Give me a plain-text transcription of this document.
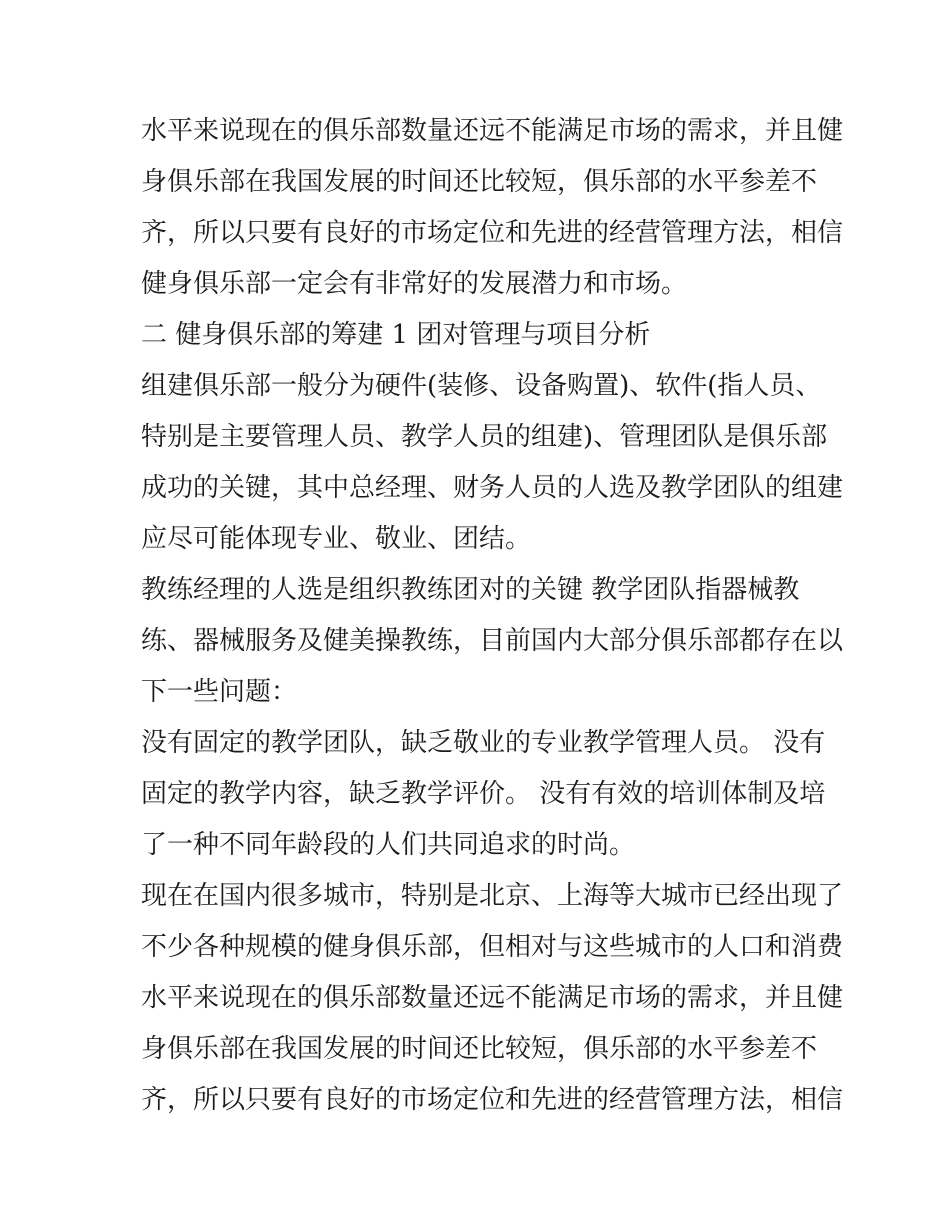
水平来说现在的俱乐部数量还远不能满足市场的需求，并且健
身俱乐部在我国发展的时间还比较短，俱乐部的水平参差不
齐，所以只要有良好的市场定位和先进的经营管理方法，相信
健身俱乐部一定会有非常好的发展潜力和市场。
二 健身俱乐部的筹建 1 团对管理与项目分析
组建俱乐部一般分为硬件(装修、设备购置)、软件(指人员、
特别是主要管理人员、教学人员的组建)、管理团队是俱乐部
成功的关键，其中总经理、财务人员的人选及教学团队的组建
应尽可能体现专业、敬业、团结。
教练经理的人选是组织教练团对的关键 教学团队指器械教
练、器械服务及健美操教练，目前国内大部分俱乐部都存在以
下一些问题：
没有固定的教学团队，缺乏敬业的专业教学管理人员。 没有
固定的教学内容，缺乏教学评价。 没有有效的培训体制及培
了一种不同年龄段的人们共同追求的时尚。
现在在国内很多城市，特别是北京、上海等大城市已经出现了
不少各种规模的健身俱乐部，但相对与这些城市的人口和消费
水平来说现在的俱乐部数量还远不能满足市场的需求，并且健
身俱乐部在我国发展的时间还比较短，俱乐部的水平参差不
齐，所以只要有良好的市场定位和先进的经营管理方法，相信
